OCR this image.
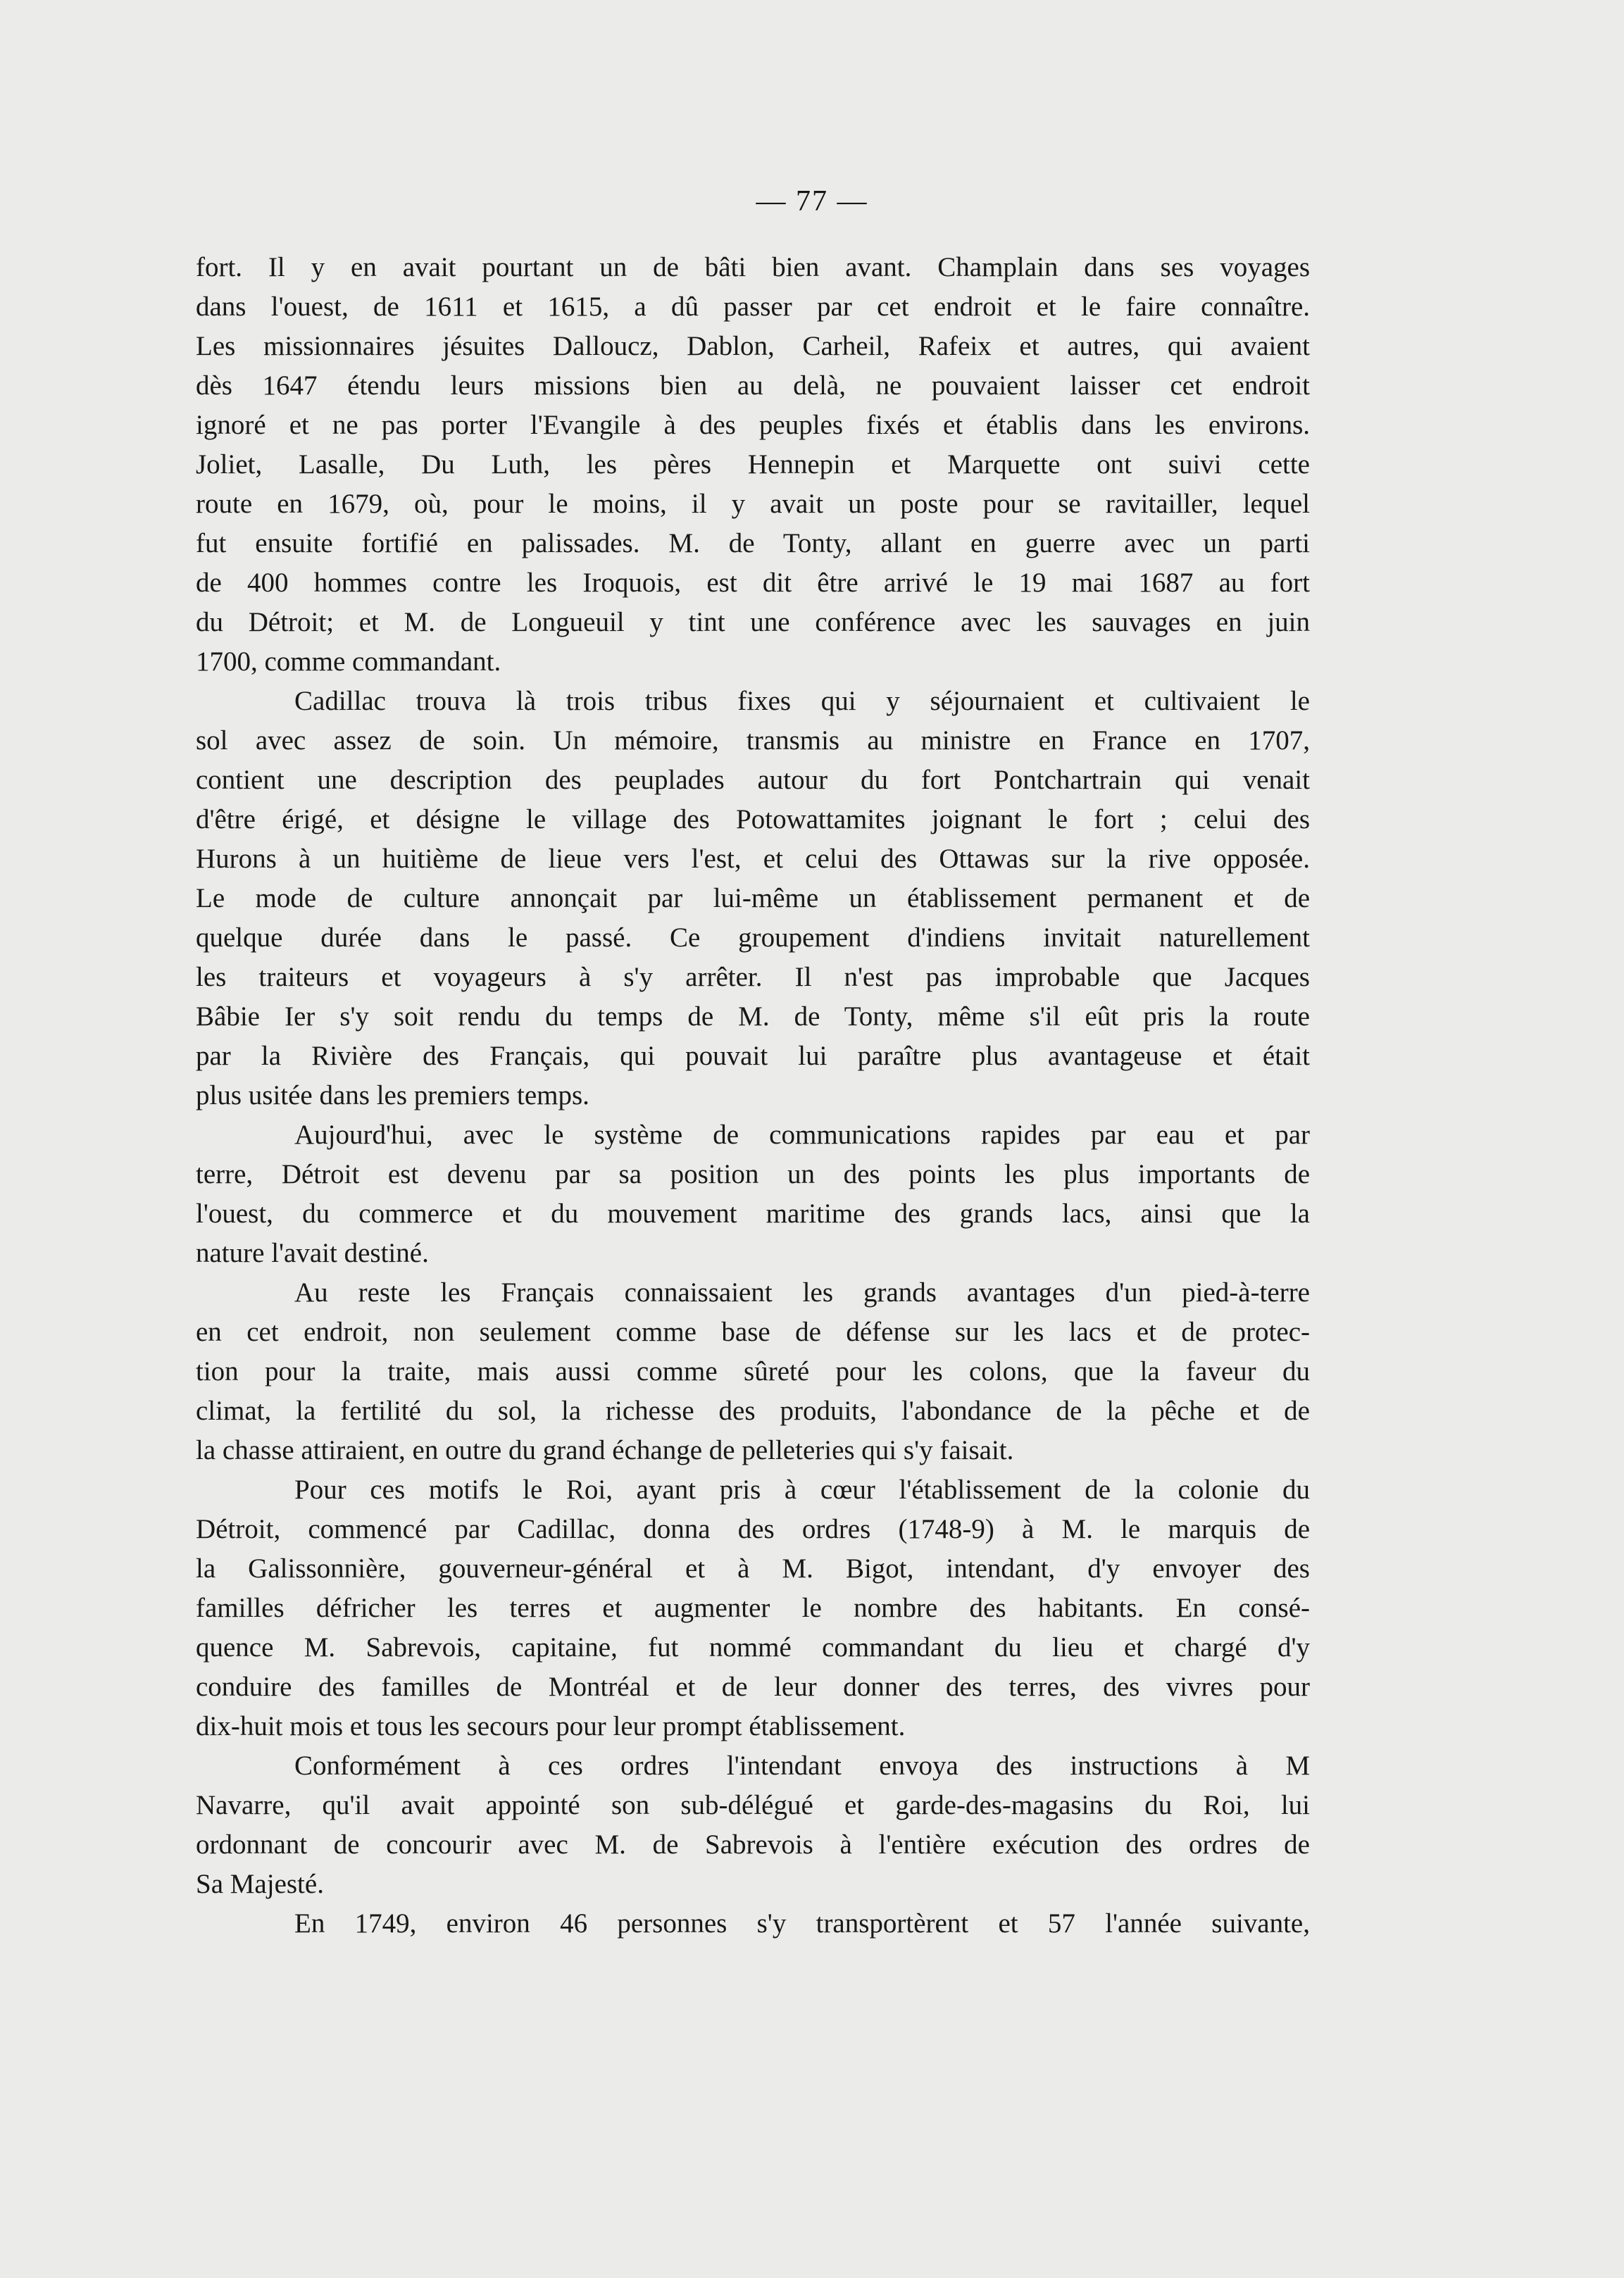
— 77 —
fort. Il y en avait pourtant un de bâti bien avant. Champlain dans ses voyages
dans l'ouest, de 1611 et 1615, a dû passer par cet endroit et le faire connaître.
Les missionnaires jésuites Dalloucz, Dablon, Carheil, Rafeix et autres, qui avaient
dès 1647 étendu leurs missions bien au delà, ne pouvaient laisser cet endroit
ignoré et ne pas porter l'Evangile à des peuples fixés et établis dans les environs.
Joliet, Lasalle, Du Luth, les pères Hennepin et Marquette ont suivi cette
route en 1679, où, pour le moins, il y avait un poste pour se ravitailler, lequel
fut ensuite fortifié en palissades. M. de Tonty, allant en guerre avec un parti
de 400 hommes contre les Iroquois, est dit être arrivé le 19 mai 1687 au fort
du Détroit; et M. de Longueuil y tint une conférence avec les sauvages en juin
1700, comme commandant.
Cadillac trouva là trois tribus fixes qui y séjournaient et cultivaient le
sol avec assez de soin. Un mémoire, transmis au ministre en France en 1707,
contient une description des peuplades autour du fort Pontchartrain qui venait
d'être érigé, et désigne le village des Potowattamites joignant le fort ; celui des
Hurons à un huitième de lieue vers l'est, et celui des Ottawas sur la rive opposée.
Le mode de culture annonçait par lui-même un établissement permanent et de
quelque durée dans le passé. Ce groupement d'indiens invitait naturellement
les traiteurs et voyageurs à s'y arrêter. Il n'est pas improbable que Jacques
Bâbie Ier s'y soit rendu du temps de M. de Tonty, même s'il eût pris la route
par la Rivière des Français, qui pouvait lui paraître plus avantageuse et était
plus usitée dans les premiers temps.
Aujourd'hui, avec le système de communications rapides par eau et par
terre, Détroit est devenu par sa position un des points les plus importants de
l'ouest, du commerce et du mouvement maritime des grands lacs, ainsi que la
nature l'avait destiné.
Au reste les Français connaissaient les grands avantages d'un pied-à-terre
en cet endroit, non seulement comme base de défense sur les lacs et de protec-
tion pour la traite, mais aussi comme sûreté pour les colons, que la faveur du
climat, la fertilité du sol, la richesse des produits, l'abondance de la pêche et de
la chasse attiraient, en outre du grand échange de pelleteries qui s'y faisait.
Pour ces motifs le Roi, ayant pris à cœur l'établissement de la colonie du
Détroit, commencé par Cadillac, donna des ordres (1748-9) à M. le marquis de
la Galissonnière, gouverneur-général et à M. Bigot, intendant, d'y envoyer des
familles défricher les terres et augmenter le nombre des habitants. En consé-
quence M. Sabrevois, capitaine, fut nommé commandant du lieu et chargé d'y
conduire des familles de Montréal et de leur donner des terres, des vivres pour
dix-huit mois et tous les secours pour leur prompt établissement.
Conformément à ces ordres l'intendant envoya des instructions à M
Navarre, qu'il avait appointé son sub-délégué et garde-des-magasins du Roi, lui
ordonnant de concourir avec M. de Sabrevois à l'entière exécution des ordres de
Sa Majesté.
En 1749, environ 46 personnes s'y transportèrent et 57 l'année suivante,
